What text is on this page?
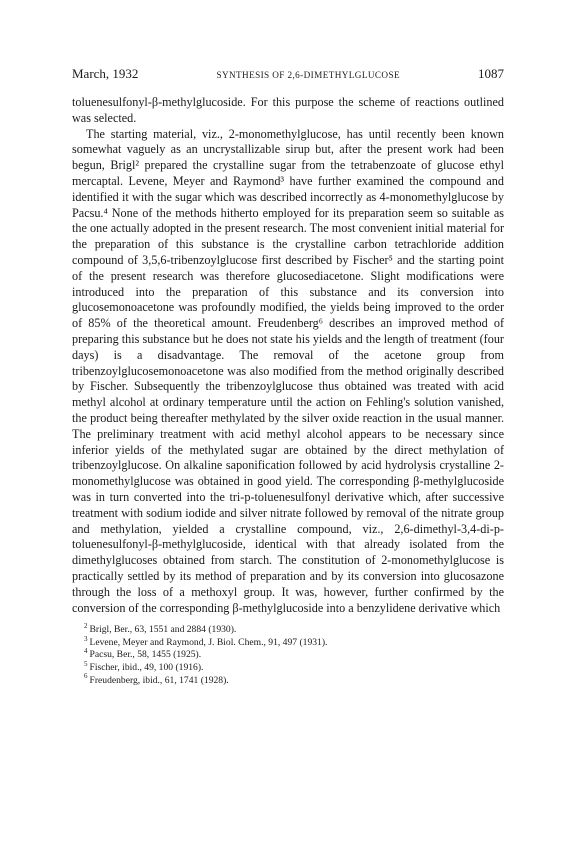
March, 1932	SYNTHESIS OF 2,6-DIMETHYLGLUCOSE	1087

toluenesulfonyl-β-methylglucoside. For this purpose the scheme of reactions outlined was selected.

The starting material, viz., 2-monomethylglucose, has until recently been known somewhat vaguely as an uncrystallizable sirup but, after the present work had been begun, Brigl² prepared the crystalline sugar from the tetrabenzoate of glucose ethyl mercaptal. Levene, Meyer and Raymond³ have further examined the compound and identified it with the sugar which was described incorrectly as 4-monomethylglucose by Pacsu.⁴ None of the methods hitherto employed for its preparation seem so suitable as the one actually adopted in the present research. The most convenient initial material for the preparation of this substance is the crystalline carbon tetrachloride addition compound of 3,5,6-tribenzoylglucose first described by Fischer⁵ and the starting point of the present research was therefore glucosediacetone. Slight modifications were introduced into the preparation of this substance and its conversion into glucosemonoacetone was profoundly modified, the yields being improved to the order of 85% of the theoretical amount. Freudenberg⁶ describes an improved method of preparing this substance but he does not state his yields and the length of treatment (four days) is a disadvantage. The removal of the acetone group from tribenzoylglucosemonoacetone was also modified from the method originally described by Fischer. Subsequently the tribenzoylglucose thus obtained was treated with acid methyl alcohol at ordinary temperature until the action on Fehling's solution vanished, the product being thereafter methylated by the silver oxide reaction in the usual manner. The preliminary treatment with acid methyl alcohol appears to be necessary since inferior yields of the methylated sugar are obtained by the direct methylation of tribenzoylglucose. On alkaline saponification followed by acid hydrolysis crystalline 2-monomethylglucose was obtained in good yield. The corresponding β-methylglucoside was in turn converted into the tri-p-toluenesulfonyl derivative which, after successive treatment with sodium iodide and silver nitrate followed by removal of the nitrate group and methylation, yielded a crystalline compound, viz., 2,6-dimethyl-3,4-di-p-toluenesulfonyl-β-methylglucoside, identical with that already isolated from the dimethylglucoses obtained from starch. The constitution of 2-monomethylglucose is practically settled by its method of preparation and by its conversion into glucosazone through the loss of a methoxyl group. It was, however, further confirmed by the conversion of the corresponding β-methylglucoside into a benzylidene derivative which

$^2$ Brigl, Ber., 63, 1551 and 2884 (1930).
$^3$ Levene, Meyer and Raymond, J. Biol. Chem., 91, 497 (1931).
$^4$ Pacsu, Ber., 58, 1455 (1925).
$^5$ Fischer, ibid., 49, 100 (1916).
$^6$ Freudenberg, ibid., 61, 1741 (1928).
